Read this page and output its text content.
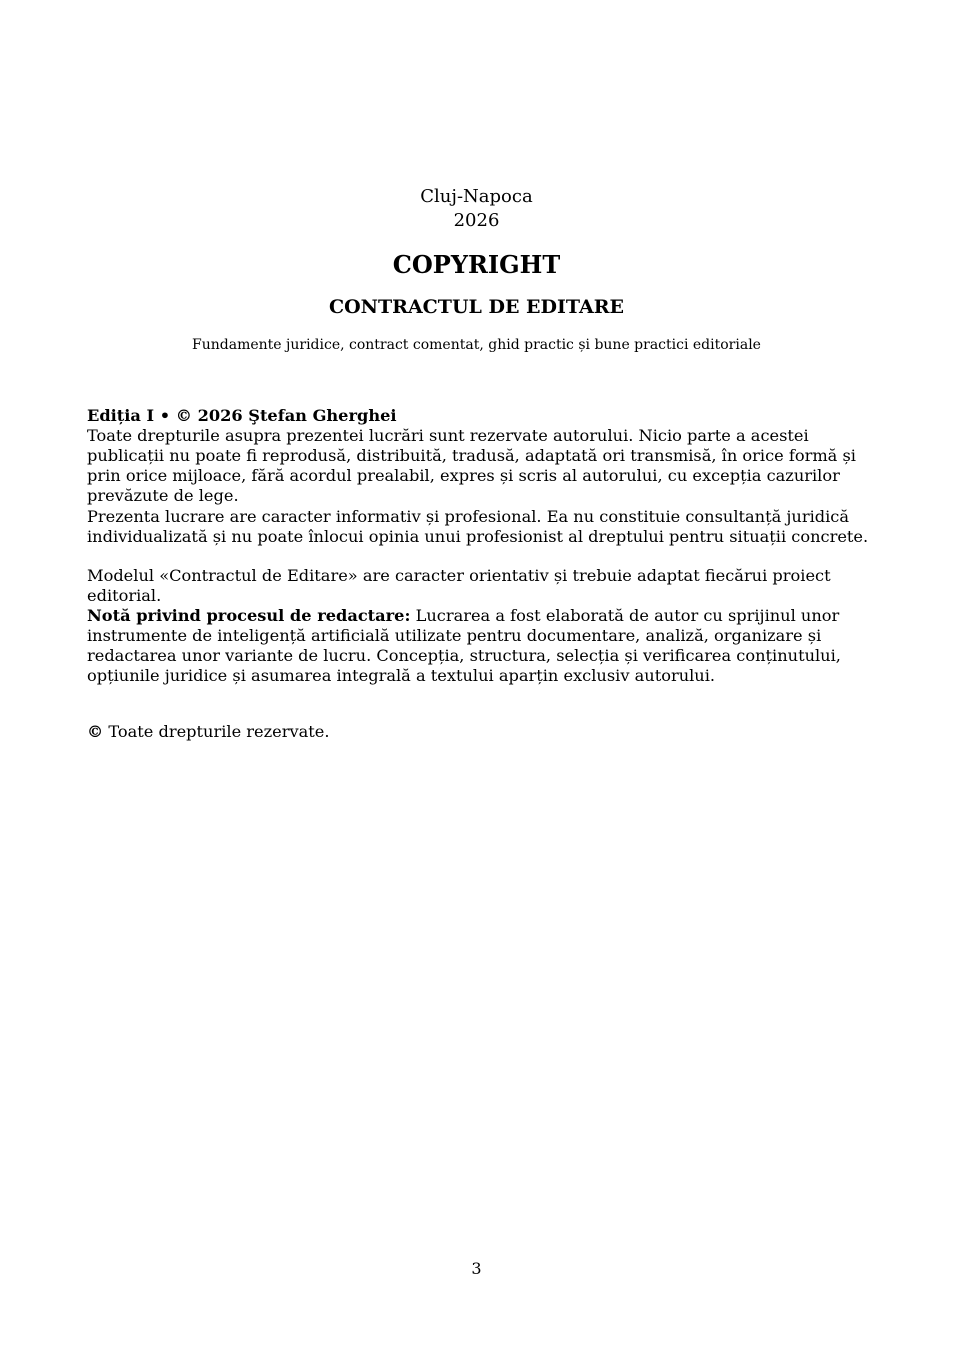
Cluj-Napoca
2026
COPYRIGHT
CONTRACTUL DE EDITARE
Fundamente juridice, contract comentat, ghid practic și bune practici editoriale
Ediția I • © 2026 Ştefan Gherghei
Toate drepturile asupra prezentei lucrări sunt rezervate autorului. Nicio parte a acestei publicații nu poate fi reprodusă, distribuită, tradusă, adaptată ori transmisă, în orice formă și prin orice mijloace, fără acordul prealabil, expres și scris al autorului, cu excepția cazurilor prevăzute de lege.
Prezenta lucrare are caracter informativ și profesional. Ea nu constituie consultanță juridică individualizată și nu poate înlocui opinia unui profesionist al dreptului pentru situații concrete.
Modelul «Contractul de Editare» are caracter orientativ și trebuie adaptat fiecărui proiect editorial.
Notă privind procesul de redactare: Lucrarea a fost elaborată de autor cu sprijinul unor instrumente de inteligență artificială utilizate pentru documentare, analiză, organizare și redactarea unor variante de lucru. Concepția, structura, selecția și verificarea conținutului, opțiunile juridice și asumarea integrală a textului aparțin exclusiv autorului.
© Toate drepturile rezervate.
3
